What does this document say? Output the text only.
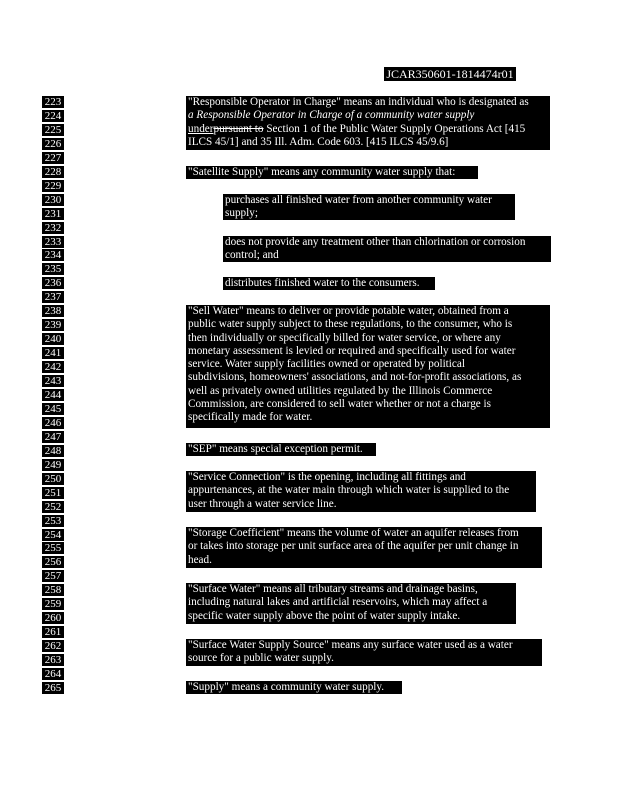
JCAR350601-1814474r01
223
224
225
226
227
228
229
230
231
232
233
234
235
236
237
238
239
240
241
242
243
244
245
246
247
248
249
250
251
252
253
254
255
256
257
258
259
260
261
262
263
264
265
"Responsible Operator in Charge" means an individual who is designated as
a Responsible Operator in Charge of a community water supply
underpursuant to Section 1 of the Public Water Supply Operations Act [415
ILCS 45/1] and 35 Ill. Adm. Code 603. [415 ILCS 45/9.6]
"Satellite Supply" means any community water supply that:
purchases all finished water from another community water
supply;
does not provide any treatment other than chlorination or corrosion
control; and
distributes finished water to the consumers.
"Sell Water" means to deliver or provide potable water, obtained from a
public water supply subject to these regulations, to the consumer, who is
then individually or specifically billed for water service, or where any
monetary assessment is levied or required and specifically used for water
service. Water supply facilities owned or operated by political
subdivisions, homeowners' associations, and not-for-profit associations, as
well as privately owned utilities regulated by the Illinois Commerce
Commission, are considered to sell water whether or not a charge is
specifically made for water.
"SEP" means special exception permit.
"Service Connection" is the opening, including all fittings and
appurtenances, at the water main through which water is supplied to the
user through a water service line.
"Storage Coefficient" means the volume of water an aquifer releases from
or takes into storage per unit surface area of the aquifer per unit change in
head.
"Surface Water" means all tributary streams and drainage basins,
including natural lakes and artificial reservoirs, which may affect a
specific water supply above the point of water supply intake.
"Surface Water Supply Source" means any surface water used as a water
source for a public water supply.
"Supply" means a community water supply.
